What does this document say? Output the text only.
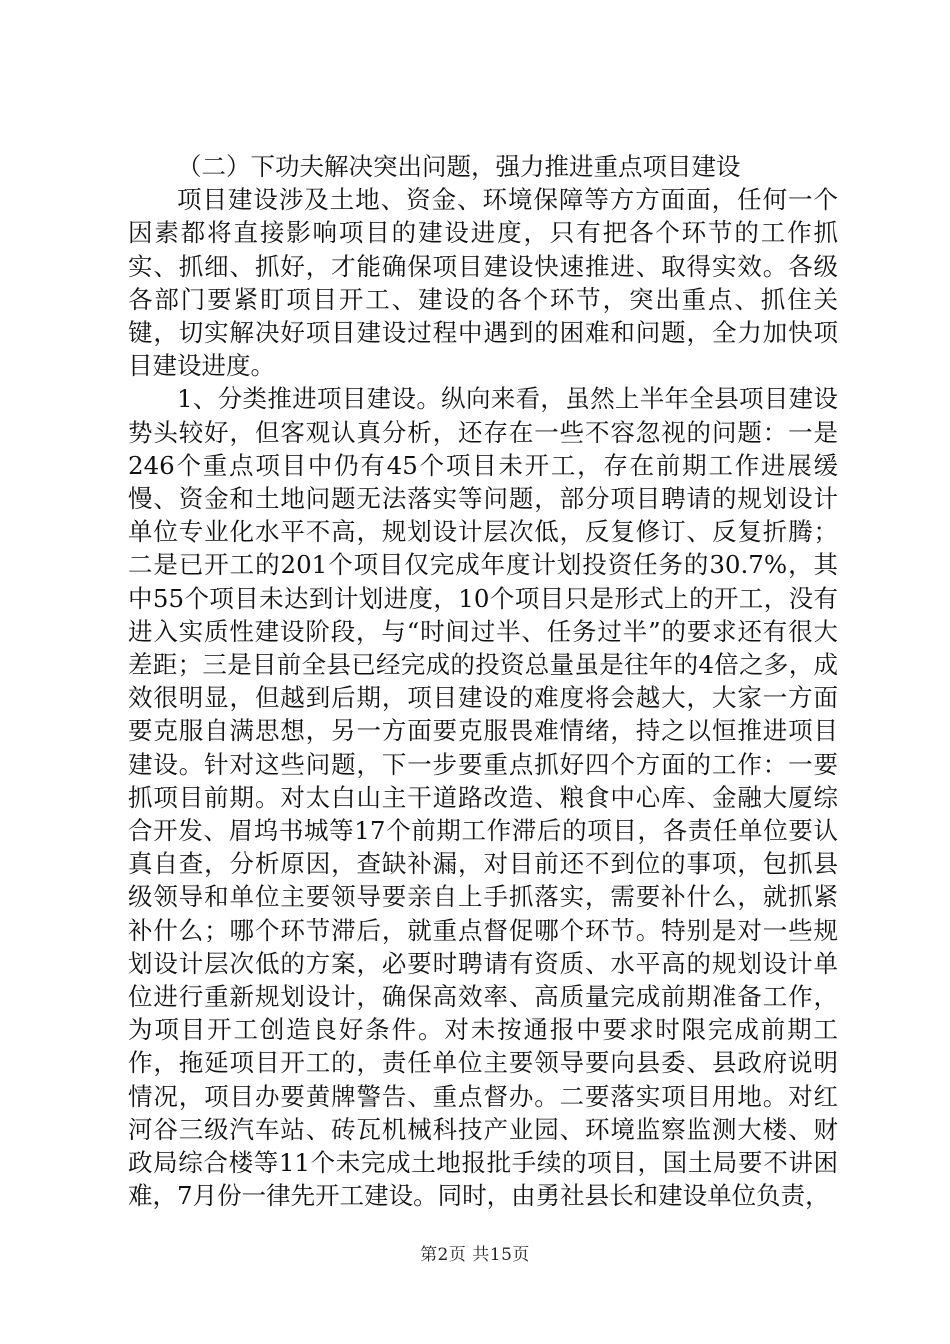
（二）下功夫解决突出问题，强力推进重点项目建设

项目建设涉及土地、资金、环境保障等方方面面，任何一个因素都将直接影响项目的建设进度，只有把各个环节的工作抓实、抓细、抓好，才能确保项目建设快速推进、取得实效。各级各部门要紧盯项目开工、建设的各个环节，突出重点、抓住关键，切实解决好项目建设过程中遇到的困难和问题，全力加快项目建设进度。

1、分类推进项目建设。纵向来看，虽然上半年全县项目建设势头较好，但客观认真分析，还存在一些不容忽视的问题：一是246个重点项目中仍有45个项目未开工，存在前期工作进展缓慢、资金和土地问题无法落实等问题，部分项目聘请的规划设计单位专业化水平不高，规划设计层次低，反复修订、反复折腾；二是已开工的201个项目仅完成年度计划投资任务的30.7%，其中55个项目未达到计划进度，10个项目只是形式上的开工，没有进入实质性建设阶段，与“时间过半、任务过半”的要求还有很大差距；三是目前全县已经完成的投资总量虽是往年的4倍之多，成效很明显，但越到后期，项目建设的难度将会越大，大家一方面要克服自满思想，另一方面要克服畏难情绪，持之以恒推进项目建设。针对这些问题，下一步要重点抓好四个方面的工作：一要抓项目前期。对太白山主干道路改造、粮食中心库、金融大厦综合开发、眉坞书城等17个前期工作滞后的项目，各责任单位要认真自查，分析原因，查缺补漏，对目前还不到位的事项，包抓县级领导和单位主要领导要亲自上手抓落实，需要补什么，就抓紧补什么；哪个环节滞后，就重点督促哪个环节。特别是对一些规划设计层次低的方案，必要时聘请有资质、水平高的规划设计单位进行重新规划设计，确保高效率、高质量完成前期准备工作，为项目开工创造良好条件。对未按通报中要求时限完成前期工作，拖延项目开工的，责任单位主要领导要向县委、县政府说明情况，项目办要黄牌警告、重点督办。二要落实项目用地。对红河谷三级汽车站、砖瓦机械科技产业园、环境监察监测大楼、财政局综合楼等11个未完成土地报批手续的项目，国土局要不讲困难，7月份一律先开工建设。同时，由勇社县长和建设单位负责，

第2页 共15页
